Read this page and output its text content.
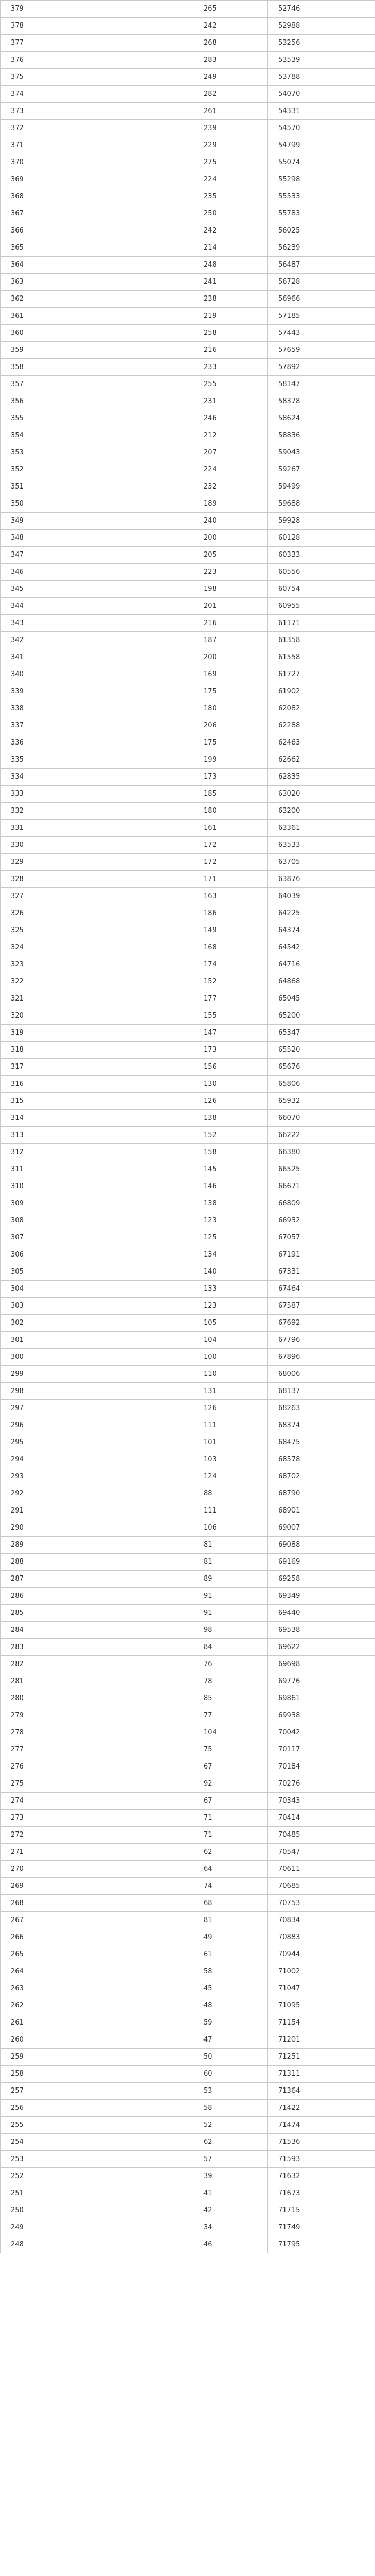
379	265	52746
378	242	52988
377	268	53256
376	283	53539
375	249	53788
374	282	54070
373	261	54331
372	239	54570
371	229	54799
370	275	55074
369	224	55298
368	235	55533
367	250	55783
366	242	56025
365	214	56239
364	248	56487
363	241	56728
362	238	56966
361	219	57185
360	258	57443
359	216	57659
358	233	57892
357	255	58147
356	231	58378
355	246	58624
354	212	58836
353	207	59043
352	224	59267
351	232	59499
350	189	59688
349	240	59928
348	200	60128
347	205	60333
346	223	60556
345	198	60754
344	201	60955
343	216	61171
342	187	61358
341	200	61558
340	169	61727
339	175	61902
338	180	62082
337	206	62288
336	175	62463
335	199	62662
334	173	62835
333	185	63020
332	180	63200
331	161	63361
330	172	63533
329	172	63705
328	171	63876
327	163	64039
326	186	64225
325	149	64374
324	168	64542
323	174	64716
322	152	64868
321	177	65045
320	155	65200
319	147	65347
318	173	65520
317	156	65676
316	130	65806
315	126	65932
314	138	66070
313	152	66222
312	158	66380
311	145	66525
310	146	66671
309	138	66809
308	123	66932
307	125	67057
306	134	67191
305	140	67331
304	133	67464
303	123	67587
302	105	67692
301	104	67796
300	100	67896
299	110	68006
298	131	68137
297	126	68263
296	111	68374
295	101	68475
294	103	68578
293	124	68702
292	88	68790
291	111	68901
290	106	69007
289	81	69088
288	81	69169
287	89	69258
286	91	69349
285	91	69440
284	98	69538
283	84	69622
282	76	69698
281	78	69776
280	85	69861
279	77	69938
278	104	70042
277	75	70117
276	67	70184
275	92	70276
274	67	70343
273	71	70414
272	71	70485
271	62	70547
270	64	70611
269	74	70685
268	68	70753
267	81	70834
266	49	70883
265	61	70944
264	58	71002
263	45	71047
262	48	71095
261	59	71154
260	47	71201
259	50	71251
258	60	71311
257	53	71364
256	58	71422
255	52	71474
254	62	71536
253	57	71593
252	39	71632
251	41	71673
250	42	71715
249	34	71749
248	46	71795
